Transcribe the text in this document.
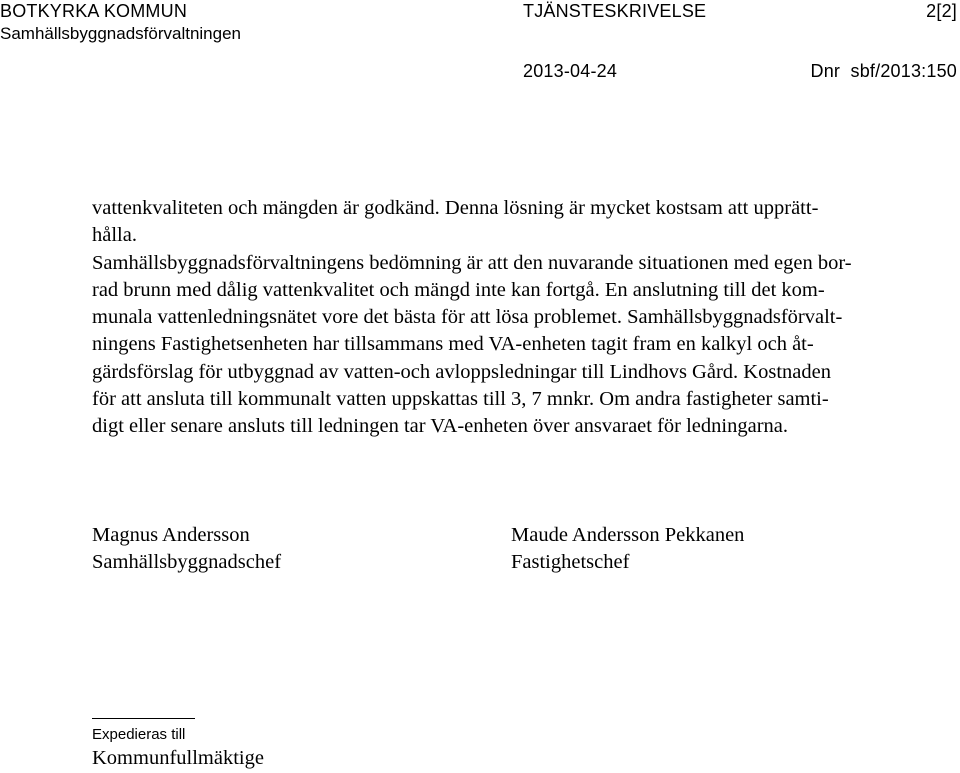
BOTKYRKA KOMMUN
Samhällsbyggnadsförvaltningen
TJÄNSTESKRIVELSE	2[2]
2013-04-24	Dnr  sbf/2013:150
vattenkvaliteten och mängden är godkänd. Denna lösning är mycket kostsam att upprätt-
hålla.
Samhällsbyggnadsförvaltningens bedömning är att den nuvarande situationen med egen bor-
rad brunn med dålig vattenkvalitet och mängd inte kan fortgå. En anslutning till det kom-
munala vattenledningsnätet vore det bästa för att lösa problemet. Samhällsbyggnadsförvalt-
ningens Fastighetsenheten har tillsammans med VA-enheten tagit fram en kalkyl och åt-
gärdsförslag för utbyggnad av vatten-och avloppsledningar till Lindhovs Gård. Kostnaden
för att ansluta till kommunalt vatten uppskattas till 3, 7 mnkr. Om andra fastigheter samti-
digt eller senare ansluts till ledningen tar VA-enheten över ansvaraet för ledningarna.
Magnus Andersson
Samhällsbyggnadschef
Maude Andersson Pekkanen
Fastighetschef
Expedieras till
Kommunfullmäktige
